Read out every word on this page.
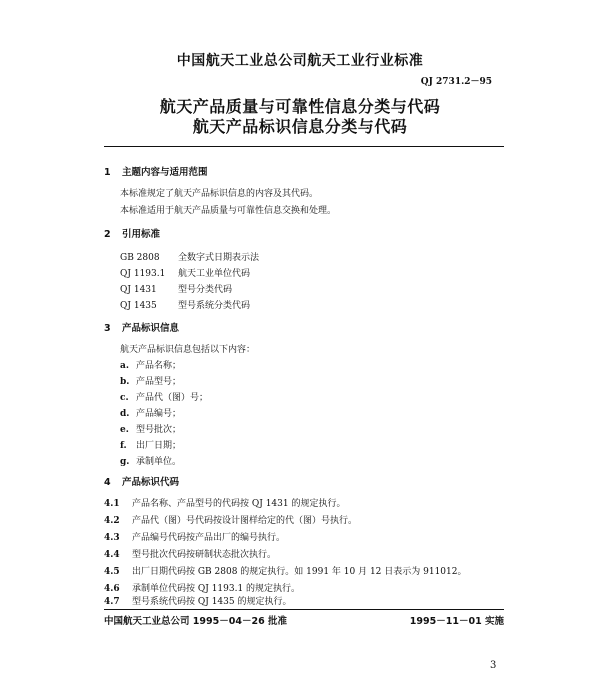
中国航天工业总公司航天工业行业标准
QJ 2731.2－95
航天产品质量与可靠性信息分类与代码
航天产品标识信息分类与代码
1 主题内容与适用范围
本标准规定了航天产品标识信息的内容及其代码。
本标准适用于航天产品质量与可靠性信息交换和处理。
2 引用标准
GB 2808 全数字式日期表示法
QJ 1193.1 航天工业单位代码
QJ 1431 型号分类代码
QJ 1435 型号系统分类代码
3 产品标识信息
航天产品标识信息包括以下内容：
a. 产品名称；
b. 产品型号；
c. 产品代（图）号；
d. 产品编号；
e. 型号批次；
f. 出厂日期；
g. 承制单位。
4 产品标识代码
4.1 产品名称、产品型号的代码按 QJ 1431 的规定执行。
4.2 产品代（图）号代码按设计图样给定的代（图）号执行。
4.3 产品编号代码按产品出厂的编号执行。
4.4 型号批次代码按研制状态批次执行。
4.5 出厂日期代码按 GB 2808 的规定执行。如 1991 年 10 月 12 日表示为 911012。
4.6 承制单位代码按 QJ 1193.1 的规定执行。
4.7 型号系统代码按 QJ 1435 的规定执行。
中国航天工业总公司 1995－04－26 批准	1995－11－01 实施
3
